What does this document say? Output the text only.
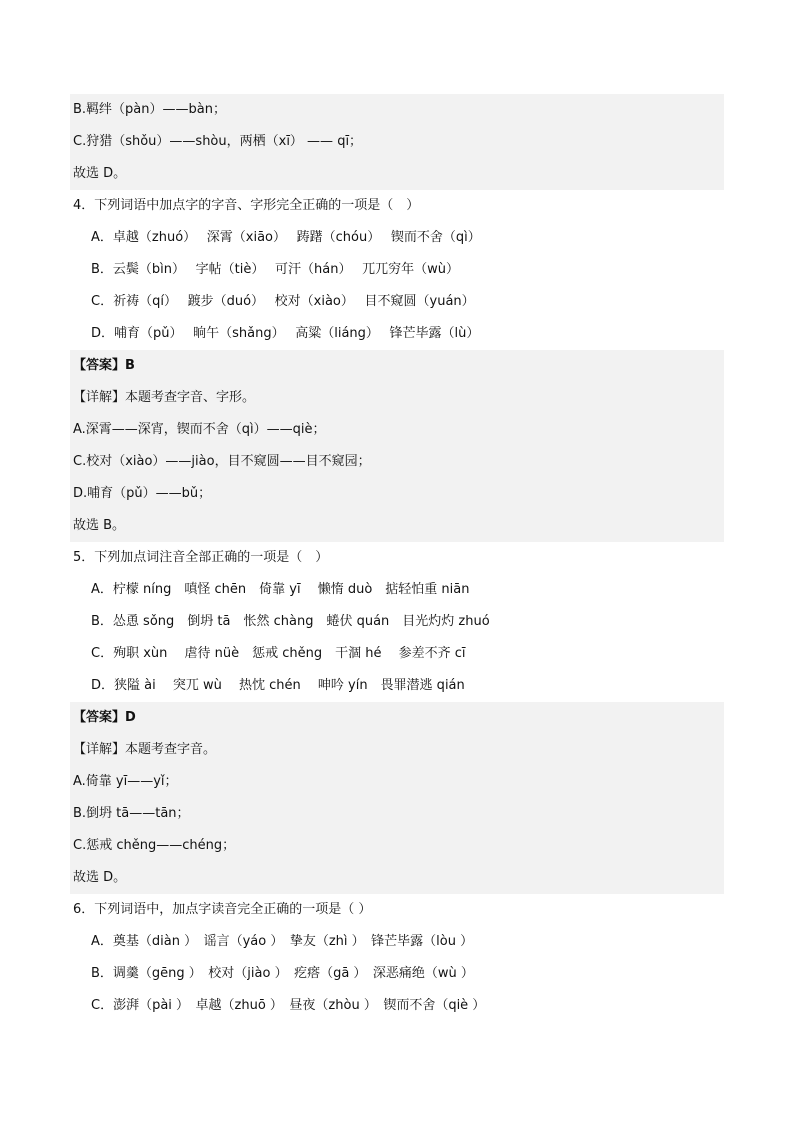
B.羁绊（pàn）——bàn；
C.狩猎（shǒu）——shòu，两栖（xī） —— qī；
故选 D。
4．下列词语中加点字的字音、字形完全正确的一项是（　）
A．卓越（zhuó）　 深霄（xiāo）　 踌躇（chóu）　 锲而不舍（qì）
B．云鬓（bìn）　 字帖（tiè）　 可汗（hán）　 兀兀穷年（wù）
C．祈祷（qí）　 踱步（duó）　 校对（xiào）　 目不窥圆（yuán）
D．哺育（pǔ）　 晌午（shǎng）　 高粱（liáng）　 锋芒毕露（lù）
【答案】B
【详解】本题考查字音、字形。
A.深霄——深宵，锲而不舍（qì）——qiè；
C.校对（xiào）——jiào，目不窥圆——目不窥园；
D.哺育（pǔ）——bǔ；
故选 B。
5．下列加点词注音全部正确的一项是（　）
A．柠檬 níng　嗔怪 chēn　倚靠 yī　 懒惰 duò　掂轻怕重 niān
B．怂恿 sǒng　倒坍 tā　怅然 chàng　蜷伏 quán　目光灼灼 zhuó
C．殉职 xùn　 虐待 nüè　惩戒 chěng　干涸 hé　 参差不齐 cī
D．狭隘 ài　 突兀 wù　 热忱 chén　 呻吟 yín　畏罪潜逃 qián
【答案】D
【详解】本题考查字音。
A.倚靠 yī——yǐ；
B.倒坍 tā——tān；
C.惩戒 chěng——chéng；
故选 D。
6．下列词语中，加点字读音完全正确的一项是（ ）
A．奠基（diàn ）　谣言（yáo ）　挚友（zhì ）　锋芒毕露（lòu ）
B．调羹（gēng ）　校对（jiào ）　疙瘩（gā ）　深恶痛绝（wù ）
C．澎湃（pài ）　卓越（zhuō ）　昼夜（zhòu ）　锲而不舍（qiè ）
